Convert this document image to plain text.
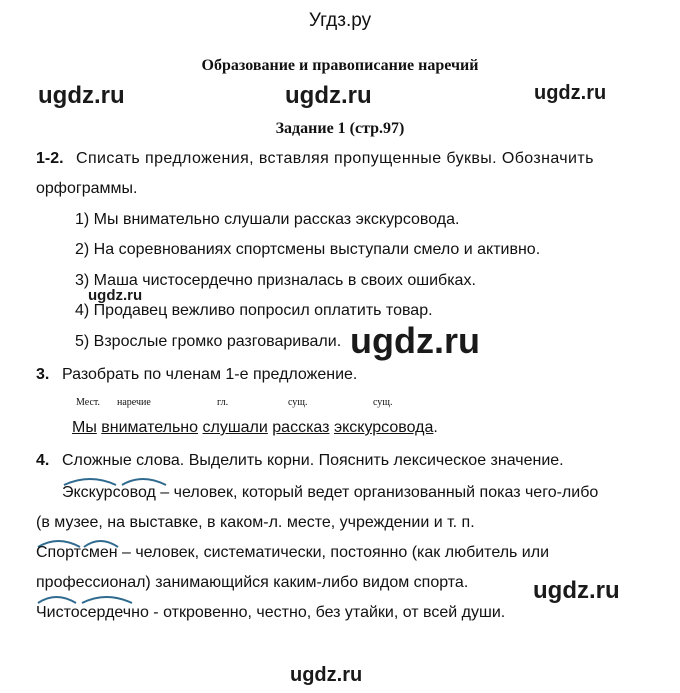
Угдз.ру
Образование и правописание наречий
ugdz.ru	ugdz.ru	ugdz.ru
Задание 1 (стр.97)
1-2. Списать предложения, вставляя пропущенные буквы. Обозначить
орфограммы.
1) Мы внимательно слушали рассказ экскурсовода.
2) На соревнованиях спортсмены выступали смело и активно.
3) Маша чистосердечно призналась в своих ошибках.
ugdz.ru
4) Продавец вежливо попросил оплатить товар.
5) Взрослые громко разговаривали. ugdz.ru
3. Разобрать по членам 1-е предложение.
Мест. наречие	гл.	сущ.	сущ.
Мы внимательно слушали рассказ экскурсовода.
4. Сложные слова. Выделить корни. Пояснить лексическое значение.
Экскурсовод – человек, который ведет организованный показ чего-либо
(в музее, на выставке, в каком-л. месте, учреждении и т. п.
Спортсмен – человек, систематически, постоянно (как любитель или
профессионал) занимающийся каким-либо видом спорта.
Чистосердечно - откровенно, честно, без утайки, от всей души.
ugdz.ru
ugdz.ru
